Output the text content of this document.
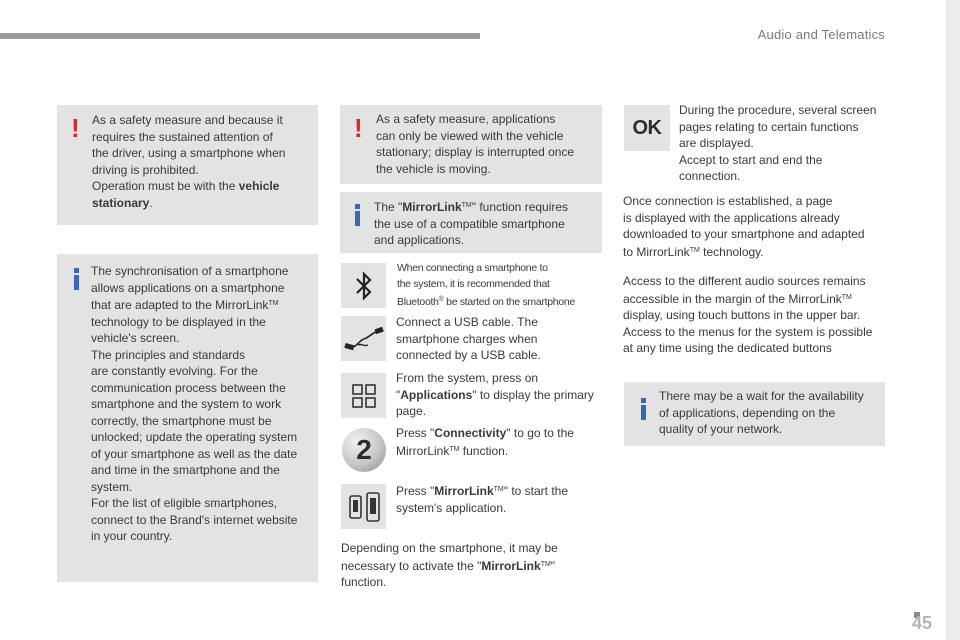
Audio and Telematics
! As a safety measure and because it
requires the sustained attention of
the driver, using a smartphone when
driving is prohibited.
Operation must be with the vehicle
stationary.
The synchronisation of a smartphone
allows applications on a smartphone
that are adapted to the MirrorLink™
technology to be displayed in the
vehicle's screen.
The principles and standards
are constantly evolving. For the
communication process between the
smartphone and the system to work
correctly, the smartphone must be
unlocked; update the operating system
of your smartphone as well as the date
and time in the smartphone and the
system.
For the list of eligible smartphones,
connect to the Brand's internet website
in your country.
! As a safety measure, applications
can only be viewed with the vehicle
stationary; display is interrupted once
the vehicle is moving.
The "MirrorLink™" function requires
the use of a compatible smartphone
and applications.
When connecting a smartphone to
the system, it is recommended that
Bluetooth® be started on the smartphone
Connect a USB cable. The
smartphone charges when
connected by a USB cable.
From the system, press on
"Applications" to display the primary
page.
2
Press "Connectivity" to go to the
MirrorLink™ function.
Press "MirrorLink™" to start the
system's application.
Depending on the smartphone, it may be
necessary to activate the "MirrorLink™"
function.
OK
During the procedure, several screen
pages relating to certain functions
are displayed.
Accept to start and end the
connection.
Once connection is established, a page
is displayed with the applications already
downloaded to your smartphone and adapted
to MirrorLink™ technology.
Access to the different audio sources remains
accessible in the margin of the MirrorLink™
display, using touch buttons in the upper bar.
Access to the menus for the system is possible
at any time using the dedicated buttons
There may be a wait for the availability
of applications, depending on the
quality of your network.
45
